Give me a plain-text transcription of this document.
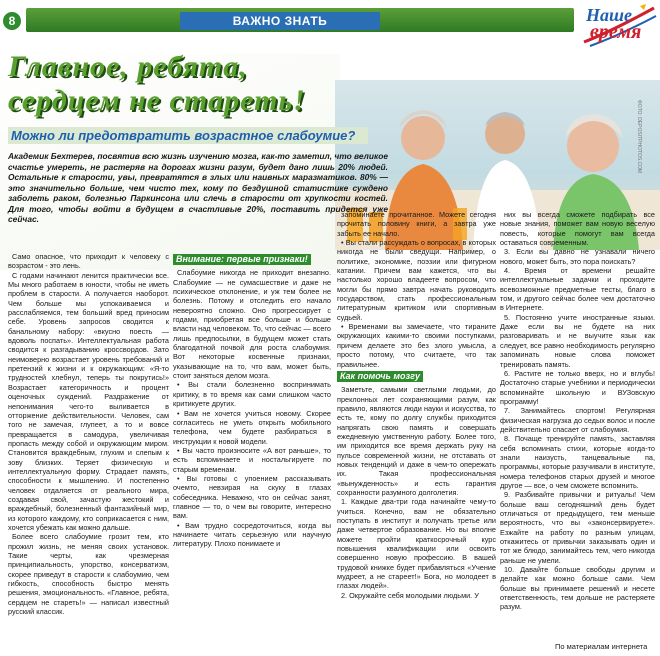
8	ВАЖНО ЗНАТЬ	Наше
время
ФОТО: DEPOSITPHOTOS.COM
Главное, ребята,
сердцем не стареть!
Можно ли предотвратить возрастное слабоумие?
Академик Бехтерев, посвятив всю жизнь изучению мозга, как-то заметил, что великое счастье умереть, не растеряв на дорогах жизни разум, будет дано лишь 20% людей. Остальные к старости, увы, превратятся в злых или наивных маразматиков. 80% — это значительно больше, чем чисто тех, кому по бездушной статистике суждено заболеть раком, болезнью Паркинсона или слечь в старости от хрупкости костей. Для того, чтобы войти в будущем в счастливые 20%, поставить придется уже сейчас.

Само опасное, что приходит к человеку с возрастом - это лень.

С годами начинают ленится практически все. Мы много работаем в юности, чтобы не иметь проблем в старости. А получается наоборот. Чем больше мы успокаиваемся и расслабляемся, тем больший вред приносим себе. Уровень запросов сводится к банальному набору: «вкусно поесть — вдоволь поспать». Интеллектуальная работа сводится к разгадыванию кроссвордов. Зато неимоверно возрастает уровень требований и претензий к жизни и к окружающим: «Я-то трудностей хлебнул, теперь ты покрутись!» Возрастает категоричность и процент оценочных суждений. Раздражение от непонимания чего-то выливается в отторжение действительности. Человек, сам того не замечая, глупеет, а то и вовсе превращается в самодура, увеличивая пропасть между собой и окружающим миром. Становится враждебным, глухим и слепым к зову близких. Теряет физическую и интеллектуальную форму. Страдает память, способности к мышлению. И постепенно человек отдаляется от реального мира, создавая свой, зачастую жестокий и враждебный, болезненный фантазийный мир, из которого каждому, кто соприкасается с ним, хочется убежать как можно дальше.

Более всего слабоумие грозит тем, кто прожил жизнь, не меняя своих установок. Такие черты, как чрезмерная принципиальность, упорство, консерватизм, скорее приведут в старости к слабоумию, чем гибкость, способность быстро менять решения, эмоциональность. «Главное, ребята, сердцем не стареть!» — написал известный русский классик.

Внимание: первые признаки!

Слабоумие никогда не приходит внезапно. Слабоумие — не сумасшествие и даже не психическое отклонение, и уж тем более не болезнь. Потому и отследить его начало невероятно сложно. Оно прогрессирует с годами, приобретая все больше и больше власти над человеком. То, что сейчас — всего лишь предпосылки, в будущем может стать благодатной почвой для роста слабоумия. Вот некоторые косвенные признаки, указывающие на то, что вам, может быть, стоит заняться делом мозга.

• Вы стали болезненно воспринимать критику, в то время как сами слишком часто критикуете других.

• Вам не хочется учиться новому. Скорее согласитесь не уметь открыть мобильного телефона, чем будете разбираться в инструкции к новой модели.

• Вы часто произносите «А вот раньше», то есть вспоминаете и ностальгируете по старым временам.

• Вы готовы с упоением рассказывать очемто, невзирая на скуку в глазах собеседника. Неважно, что он сейчас занят, главное — то, о чем вы говорите, интересно вам.

• Вам трудно сосредоточиться, когда вы начинаете читать серьезную или научную литературу. Плохо понимаете и

запоминаете прочитанное. Можете сегодня прочитать половину книги, а завтра уже забыть ее начало.

• Вы стали рассуждать о вопросах, в которых никогда не были сведущи. Например, о политике, экономике, поэзии или фигурном катании. Причем вам кажется, что вы настолько хорошо владеете вопросом, что могли бы прямо завтра начать руководить государством, стать профессиональным литературным критиком или спортивным судьей.

• Временами вы замечаете, что тираните окружающих какими-то своими поступками, причем делаете это без злого умысла, а просто потому, что считаете, что так правильнее.

Как помочь мозгу

Заметьте, самыми светлыми людьми, до преклонных лет сохраняющими разум, как правило, являются люди науки и искусства, то есть те, кому по долгу службы приходится напрягать свою память и совершать ежедневную умственную работу. Более того, им приходится все время держать руку на пульсе современной жизни, не отставать от новых тенденций и даже в чем-то опережать их. Такая профессиональная «вынужденность» и есть гарантия сохранности разумного долголетия.

1. Каждые два-три года начинайте чему-то учиться. Конечно, вам не обязательно поступать в институт и получать третье или даже четвертое образование. Но вы вполне можете пройти краткосрочный курс повышения квалификации или освоить совершенно новую профессию. В вашей трудовой книжке будет прибавляться «Учение мудреет, а не стареет!» Бога, но молодеет в глазах людей».

2. Окружайте себя молодыми людьми. У

них вы всегда сможете подбирать все новые знания, поможет вам новую веселую повесть, которые помогут вам всегда оставаться современным.

3. Если вы давно не узнавали ничего нового, может быть, это пора поискать?

4. Время от времени решайте интеллектуальные задачки и проходите всевозможные предметные тесты, благо в том, и другого сейчас более чем достаточно в Интернете.

5. Постоянно учите иностранные языки. Даже если вы не будете на них разговаривать и не выучите язык как следует, все равно необходимость регулярно запоминать новые слова поможет тренировать память.

6. Растите не только вверх, но и вглубь! Достаточно старые учебники и периодически вспоминайте школьную и ВУЗовскую программу!

7. Занимайтесь спортом! Регулярная физическая нагрузка до седых волос и после действительно спасает от слабоумия.

8. Почаще тренируйте память, заставляя себя вспоминать стихи, которые когда-то знали наизусть, танцевальные па, программы, которые разучивали в институте, номера телефонов старых друзей и многое другое — все, о чем сможете вспомнить.

9. Разбивайте привычки и ритуалы! Чем больше ваш сегодняшний день будет отличаться от предыдущего, тем меньше вероятность, что вы «законсервируете». Езжайте на работу по разным улицам, откажитесь от привычки заказывать один и тот же блюдо, занимайтесь тем, чего никогда раньше не умели.

10. Давайте больше свободы другим и делайте как можно больше сами. Чем больше вы принимаете решений и несете ответственность, тем дольше не растеряете разум.

По материалам интернета
